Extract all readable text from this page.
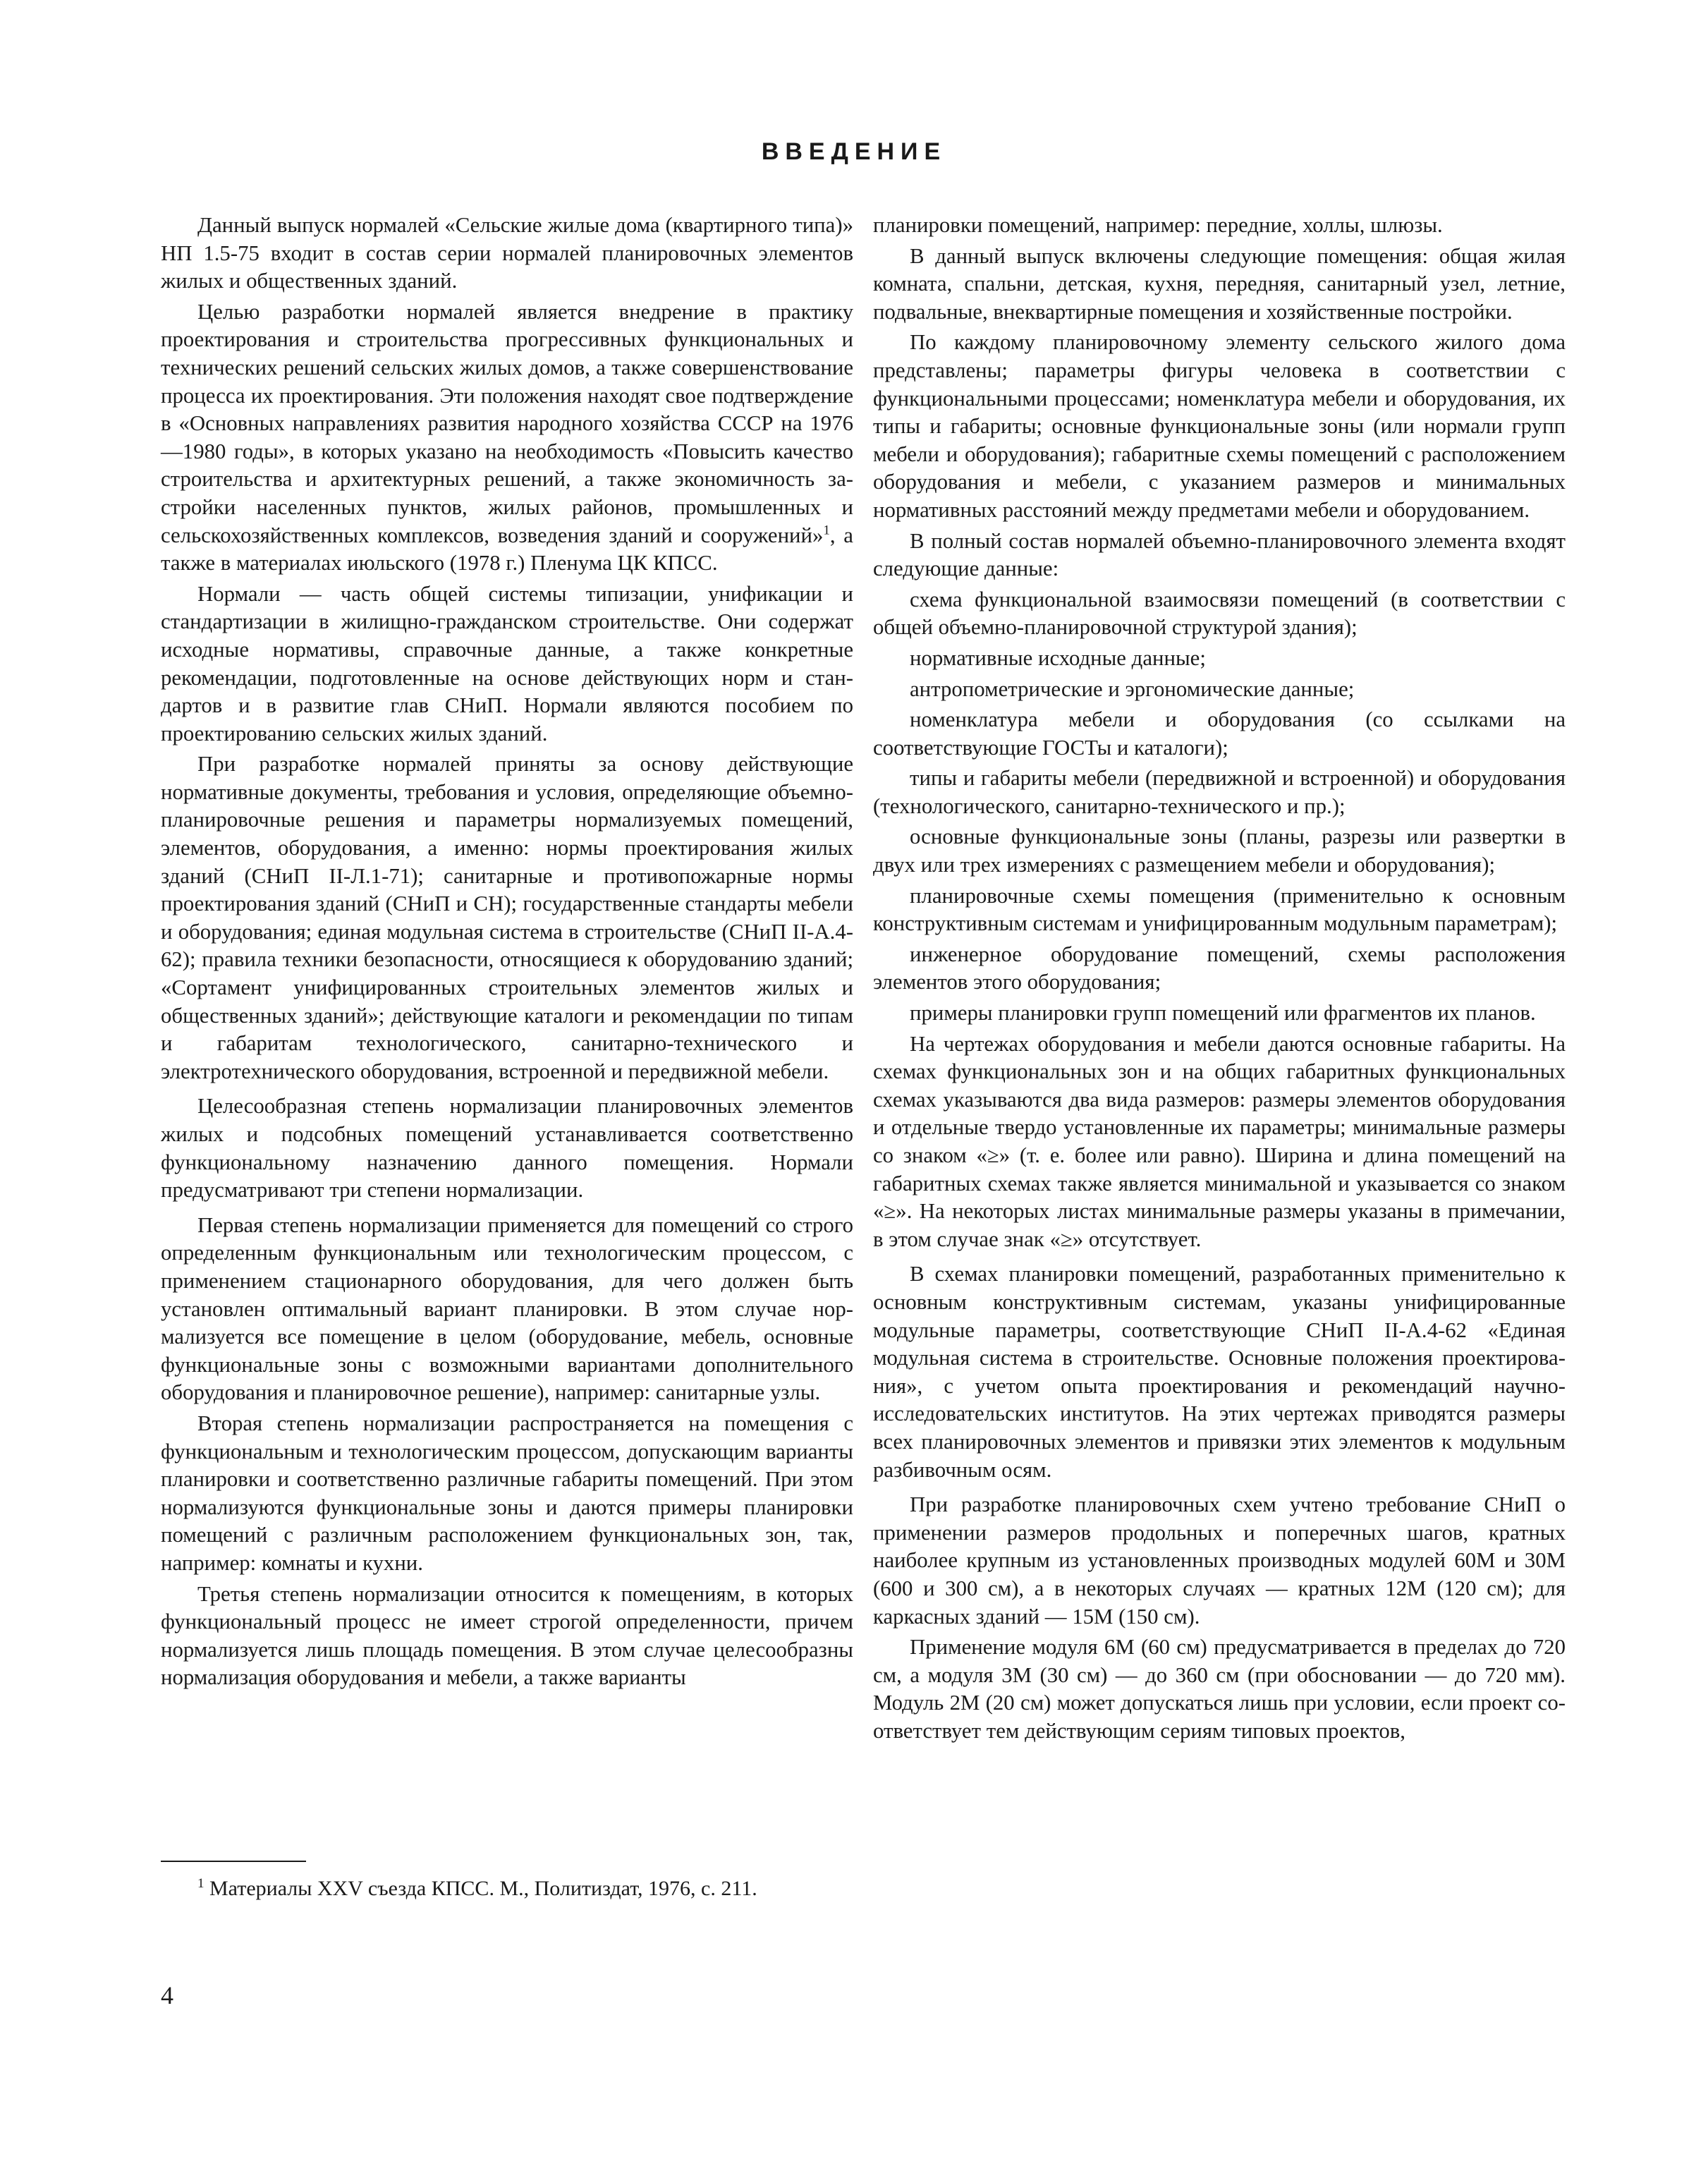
ВВЕДЕНИЕ

Данный выпуск нормалей «Сельские жилые дома (квартирного типа)» НП 1.5-75 входит в состав серии нормалей планировочных элементов жилых и общественных зданий.

Целью разработки нормалей является внедрение в практику проектирования и строительства прогрессивных функциональных и технических решений сельских жилых домов, а также совершенствование процесса их проектирования. Эти положения находят свое подтверждение в «Основных направлениях развития народного хозяйства СССР на 1976—1980 годы», в которых указано на необходимость «Повысить качество строительства и архитектурных решений, а также экономичность застройки населенных пунктов, жилых районов, промышленных и сельскохозяйственных комплексов, возведения зданий и сооружений»$^1$, а также в материалах июльского (1978 г.) Пленума ЦК КПСС.

Нормали — часть общей системы типизации, унификации и стандартизации в жилищно-гражданском строительстве. Они содержат исходные нормативы, справочные данные, а также конкретные рекомендации, подготовленные на основе действующих норм и стандартов и в развитие глав СНиП. Нормали являются пособием по проектированию сельских жилых зданий.

При разработке нормалей приняты за основу действующие нормативные документы, требования и условия, определяющие объемно-планировочные решения и параметры нормализуемых помещений, элементов, оборудования, а именно: нормы проектирования жилых зданий (СНиП II-Л.1-71); санитарные и противопожарные нормы проектирования зданий (СНиП и СН); государственные стандарты мебели и оборудования; единая модульная система в строительстве (СНиП II-А.4-62); правила техники безопасности, относящиеся к оборудованию зданий; «Сортамент унифицированных строительных элементов жилых и общественных зданий»; действующие каталоги и рекомендации по типам и габаритам технологического, санитарно-технического и электротехнического оборудования, встроенной и передвижной мебели.

Целесообразная степень нормализации планировочных элементов жилых и подсобных помещений устанавливается соответственно функциональному назначению данного помещения. Нормали предусматривают три степени нормализации.

Первая степень нормализации применяется для помещений со строго определенным функциональным или технологическим процессом, с применением стационарного оборудования, для чего должен быть установлен оптимальный вариант планировки. В этом случае нормализуется все помещение в целом (оборудование, мебель, основные функциональные зоны с возможными вариантами дополнительного оборудования и планировочное решение), например: санитарные узлы.

Вторая степень нормализации распространяется на помещения с функциональным и технологическим процессом, допускающим варианты планировки и соответственно различные габариты помещений. При этом нормализуются функциональные зоны и даются примеры планировки помещений с различным расположением функциональных зон, так, например: комнаты и кухни.

Третья степень нормализации относится к помещениям, в которых функциональный процесс не имеет строгой определенности, причем нормализуется лишь площадь помещения. В этом случае целесообразны нормализация оборудования и мебели, а также варианты

планировки помещений, например: передние, холлы, шлюзы.

В данный выпуск включены следующие помещения: общая жилая комната, спальни, детская, кухня, передняя, санитарный узел, летние, подвальные, внеквартирные помещения и хозяйственные постройки.

По каждому планировочному элементу сельского жилого дома представлены; параметры фигуры человека в соответствии с функциональными процессами; номенклатура мебели и оборудования, их типы и габариты; основные функциональные зоны (или нормали групп мебели и оборудования); габаритные схемы помещений с расположением оборудования и мебели, с указанием размеров и минимальных нормативных расстояний между предметами мебели и оборудованием.

В полный состав нормалей объемно-планировочного элемента входят следующие данные:

схема функциональной взаимосвязи помещений (в соответствии с общей объемно-планировочной структурой здания);

нормативные исходные данные;

антропометрические и эргономические данные;

номенклатура мебели и оборудования (со ссылками на соответствующие ГОСТы и каталоги);

типы и габариты мебели (передвижной и встроенной) и оборудования (технологического, санитарно-технического и пр.);

основные функциональные зоны (планы, разрезы или развертки в двух или трех измерениях с размещением мебели и оборудования);

планировочные схемы помещения (применительно к основным конструктивным системам и унифицированным модульным параметрам);

инженерное оборудование помещений, схемы расположения элементов этого оборудования;

примеры планировки групп помещений или фрагментов их планов.

На чертежах оборудования и мебели даются основные габариты. На схемах функциональных зон и на общих габаритных функциональных схемах указываются два вида размеров: размеры элементов оборудования и отдельные твердо установленные их параметры; минимальные размеры со знаком «≥» (т. е. более или равно). Ширина и длина помещений на габаритных схемах также является минимальной и указывается со знаком «≥». На некоторых листах минимальные размеры указаны в примечании, в этом случае знак «≥» отсутствует.

В схемах планировки помещений, разработанных применительно к основным конструктивным системам, указаны унифицированные модульные параметры, соответствующие СНиП II-А.4-62 «Единая модульная система в строительстве. Основные положения проектирования», с учетом опыта проектирования и рекомендаций научно-исследовательских институтов. На этих чертежах приводятся размеры всех планировочных элементов и привязки этих элементов к модульным разбивочным осям.

При разработке планировочных схем учтено требование СНиП о применении размеров продольных и поперечных шагов, кратных наиболее крупным из установленных производных модулей 60М и 30М (600 и 300 см), а в некоторых случаях — кратных 12М (120 см); для каркасных зданий — 15М (150 см).

Применение модуля 6М (60 см) предусматривается в пределах до 720 см, а модуля 3М (30 см) — до 360 см (при обосновании — до 720 мм). Модуль 2М (20 см) может допускаться лишь при условии, если проект соответствует тем действующим сериям типовых проектов,

$^1$ Материалы XXV съезда КПСС. М., Политиздат, 1976, с. 211.

4
